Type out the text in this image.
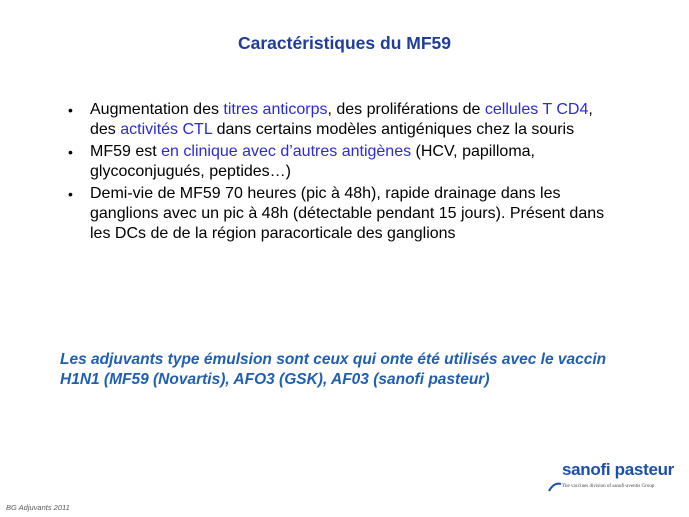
Caractéristiques du MF59
• Augmentation des titres anticorps, des proliférations de cellules T CD4, des activités CTL dans certains modèles antigéniques chez la souris
• MF59 est en clinique avec d’autres antigènes (HCV, papilloma, glycoconjugués, peptides…)
• Demi-vie de MF59 70 heures (pic à 48h), rapide drainage dans les ganglions avec un pic à 48h (détectable pendant 15 jours). Présent dans les DCs de de la région paracorticale des ganglions
Les adjuvants type émulsion sont ceux qui onte été utilisés avec le vaccin H1N1 (MF59 (Novartis), AFO3 (GSK), AF03 (sanofi pasteur)
sanofi pasteur
The vaccines division of sanofi-aventis Group
BG Adjuvants 2011
